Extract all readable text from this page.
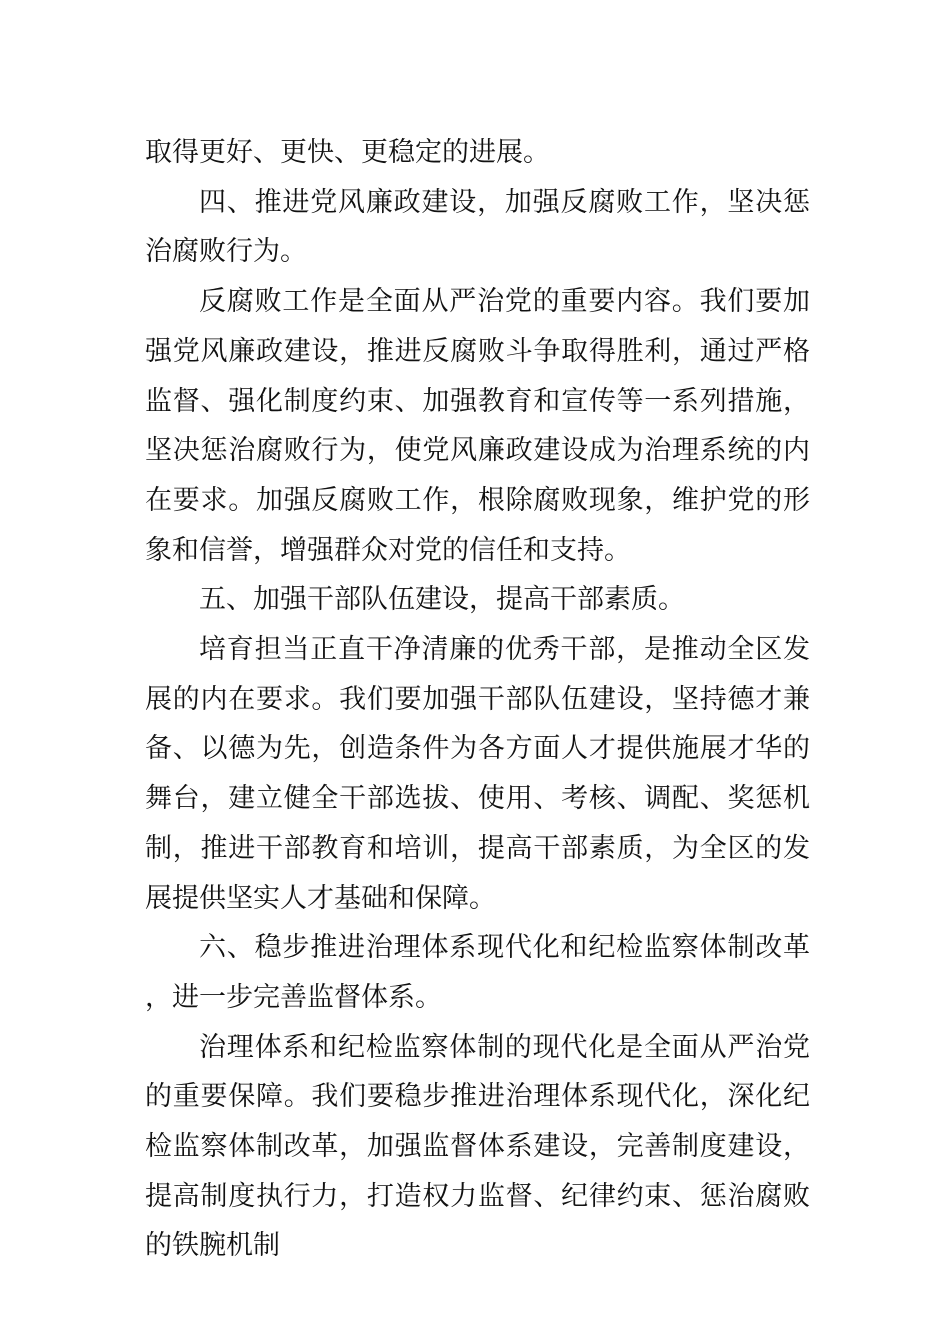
取得更好、更快、更稳定的进展。

四、推进党风廉政建设，加强反腐败工作，坚决惩治腐败行为。

反腐败工作是全面从严治党的重要内容。我们要加强党风廉政建设，推进反腐败斗争取得胜利，通过严格监督、强化制度约束、加强教育和宣传等一系列措施，坚决惩治腐败行为，使党风廉政建设成为治理系统的内在要求。加强反腐败工作，根除腐败现象，维护党的形象和信誉，增强群众对党的信任和支持。

五、加强干部队伍建设，提高干部素质。

培育担当正直干净清廉的优秀干部，是推动全区发展的内在要求。我们要加强干部队伍建设，坚持德才兼备、以德为先，创造条件为各方面人才提供施展才华的舞台，建立健全干部选拔、使用、考核、调配、奖惩机制，推进干部教育和培训，提高干部素质，为全区的发展提供坚实人才基础和保障。

六、稳步推进治理体系现代化和纪检监察体制改革，进一步完善监督体系。

治理体系和纪检监察体制的现代化是全面从严治党的重要保障。我们要稳步推进治理体系现代化，深化纪检监察体制改革，加强监督体系建设，完善制度建设，提高制度执行力，打造权力监督、纪律约束、惩治腐败的铁腕机制
